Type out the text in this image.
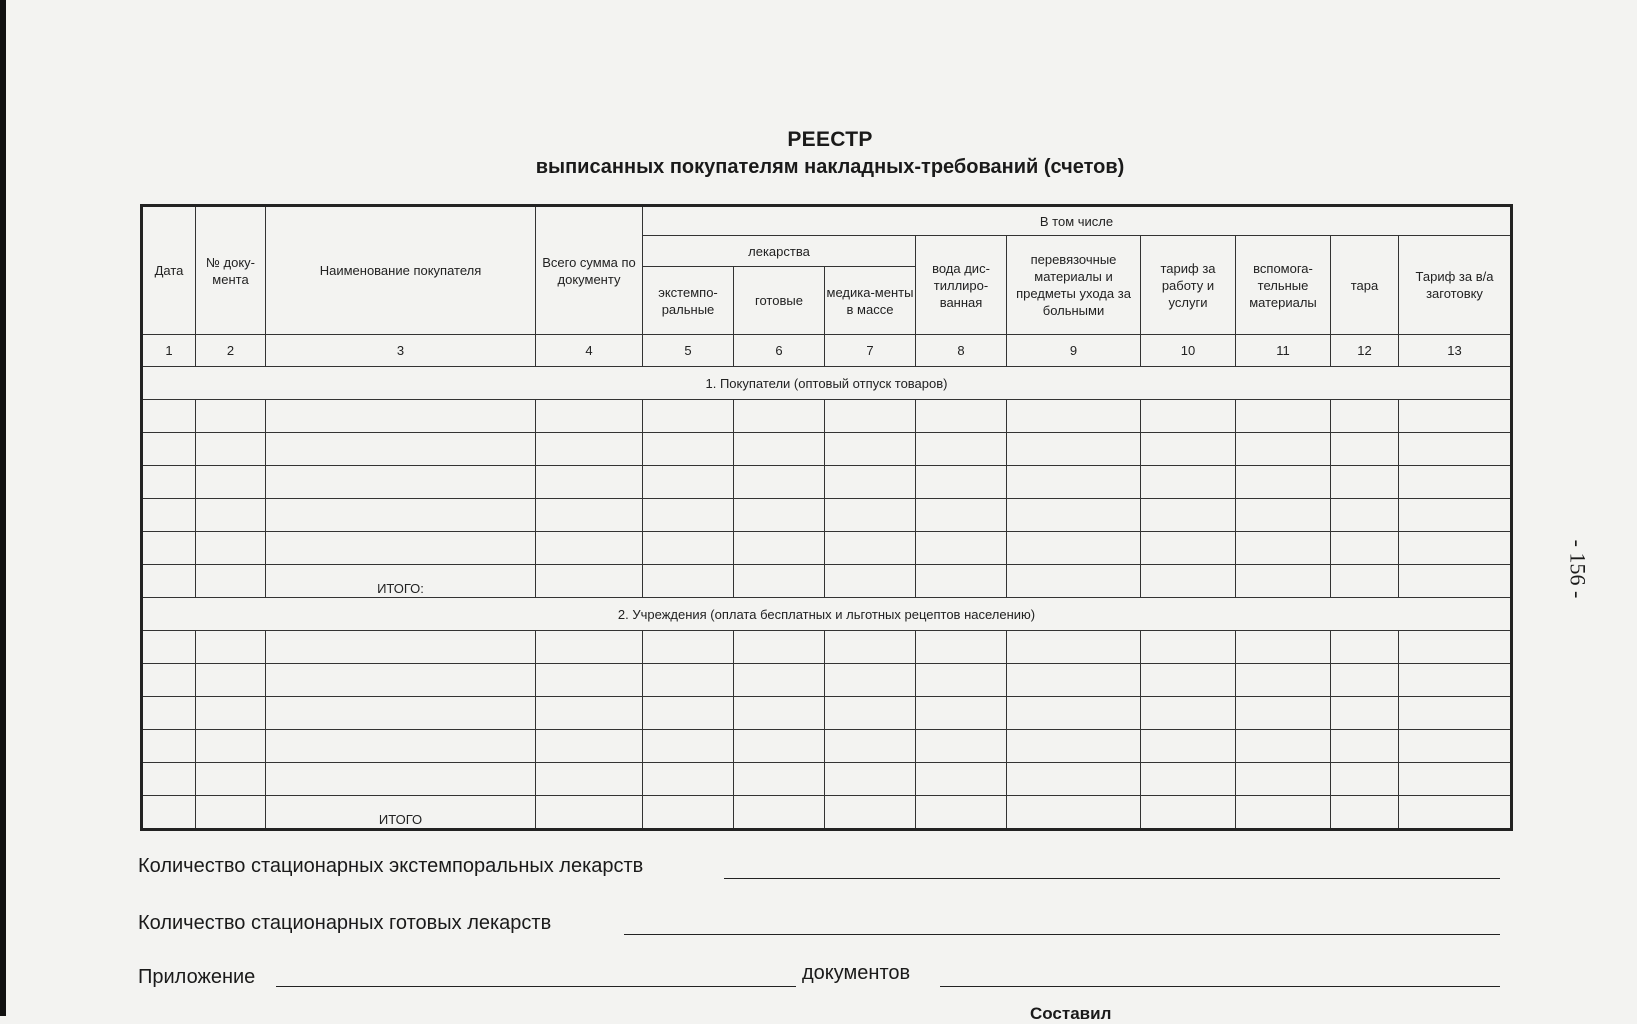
РЕЕСТР
выписанных покупателям накладных-требований (счетов)
Дата	№ доку-мента	Наименование покупателя	Всего сумма по документу	В том числе								
				лекарства			вода дис-тиллиро-ванная	перевязочные материалы и предметы ухода за больными	тариф за работу и услуги	вспомога-тельные материалы	тара	Тариф за в/а заготовку
				экстемпо-ральные	готовые	медика-менты в массе						
1	2	3	4	5	6	7	8	9	10	11	12	13
1. Покупатели (оптовый отпуск товаров)												

		ИТОГО:										
2. Учреждения (оплата бесплатных и льготных рецептов населению)												

		ИТОГО										
Количество стационарных экстемпоральных лекарств
Количество стационарных готовых лекарств
Приложение	документов
Составил
- 156 -
